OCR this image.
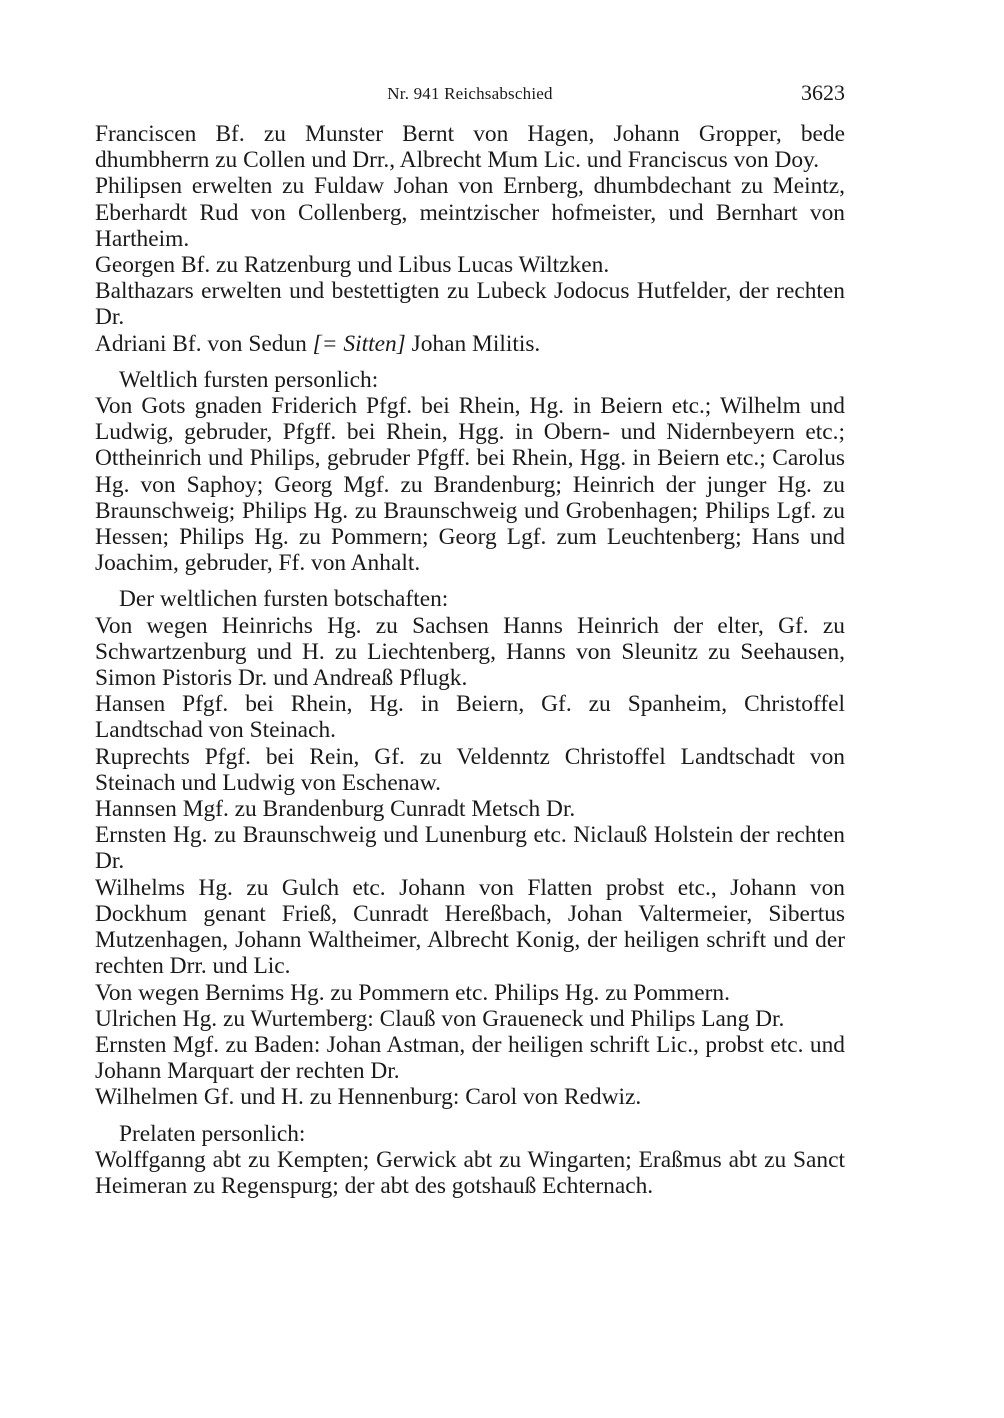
Nr. 941 Reichsabschied	3623

Franciscen Bf. zu Munster Bernt von Hagen, Johann Gropper, bede dhumbherrn zu Collen und Drr., Albrecht Mum Lic. und Franciscus von Doy.

Philipsen erwelten zu Fuldaw Johan von Ernberg, dhumbdechant zu Meintz, Eberhardt Rud von Collenberg, meintzischer hofmeister, und Bernhart von Hartheim.

Georgen Bf. zu Ratzenburg und Libus Lucas Wiltzken.

Balthazars erwelten und bestettigten zu Lubeck Jodocus Hutfelder, der rechten Dr.

Adriani Bf. von Sedun [= Sitten] Johan Militis.

Weltlich fursten personlich:

Von Gots gnaden Friderich Pfgf. bei Rhein, Hg. in Beiern etc.; Wilhelm und Ludwig, gebruder, Pfgff. bei Rhein, Hgg. in Obern- und Nidernbeyern etc.; Ottheinrich und Philips, gebruder Pfgff. bei Rhein, Hgg. in Beiern etc.; Carolus Hg. von Saphoy; Georg Mgf. zu Brandenburg; Heinrich der junger Hg. zu Braunschweig; Philips Hg. zu Braunschweig und Grobenhagen; Philips Lgf. zu Hessen; Philips Hg. zu Pommern; Georg Lgf. zum Leuchtenberg; Hans und Joachim, gebruder, Ff. von Anhalt.

Der weltlichen fursten botschaften:

Von wegen Heinrichs Hg. zu Sachsen Hanns Heinrich der elter, Gf. zu Schwartzenburg und H. zu Liechtenberg, Hanns von Sleunitz zu Seehausen, Simon Pistoris Dr. und Andreaß Pflugk.

Hansen Pfgf. bei Rhein, Hg. in Beiern, Gf. zu Spanheim, Christoffel Landtschad von Steinach.

Ruprechts Pfgf. bei Rein, Gf. zu Veldenntz Christoffel Landtschadt von Steinach und Ludwig von Eschenaw.

Hannsen Mgf. zu Brandenburg Cunradt Metsch Dr.

Ernsten Hg. zu Braunschweig und Lunenburg etc. Niclauß Holstein der rechten Dr.

Wilhelms Hg. zu Gulch etc. Johann von Flatten probst etc., Johann von Dockhum genant Frieß, Cunradt Hereßbach, Johan Valtermeier, Sibertus Mutzenhagen, Johann Waltheimer, Albrecht Konig, der heiligen schrift und der rechten Drr. und Lic.

Von wegen Bernims Hg. zu Pommern etc. Philips Hg. zu Pommern.

Ulrichen Hg. zu Wurtemberg: Clauß von Graueneck und Philips Lang Dr.

Ernsten Mgf. zu Baden: Johan Astman, der heiligen schrift Lic., probst etc. und Johann Marquart der rechten Dr.

Wilhelmen Gf. und H. zu Hennenburg: Carol von Redwiz.

Prelaten personlich:

Wolffganng abt zu Kempten; Gerwick abt zu Wingarten; Eraßmus abt zu Sanct Heimeran zu Regenspurg; der abt des gotshauß Echternach.
